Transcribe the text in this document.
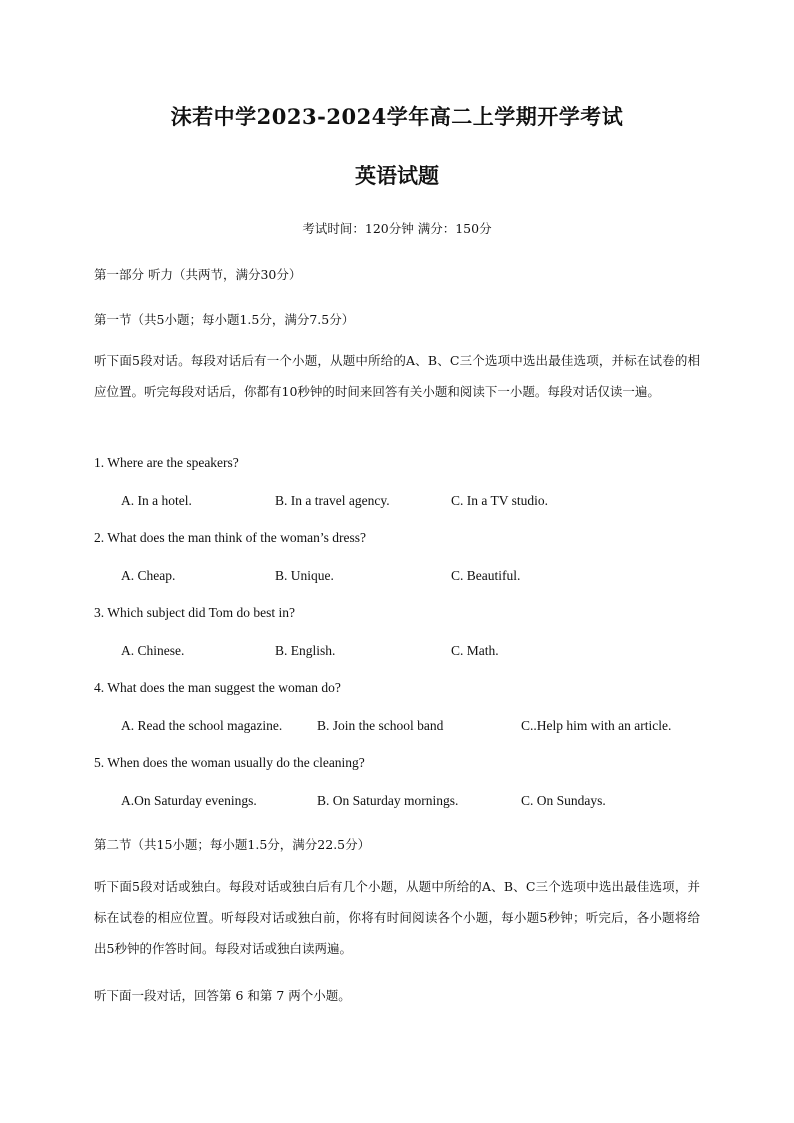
沫若中学2023-2024学年高二上学期开学考试
英语试题
考试时间：120分钟 满分：150分
第一部分 听力（共两节，满分30分）
第一节（共5小题；每小题1.5分，满分7.5分）
听下面5段对话。每段对话后有一个小题，从题中所给的A、B、C三个选项中选出最佳选项，并标在试卷的相应位置。听完每段对话后，你都有10秒钟的时间来回答有关小题和阅读下一小题。每段对话仅读一遍。
1. Where are the speakers?
A. In a hotel.	B. In a travel agency.	C. In a TV studio.
2. What does the man think of the woman’s dress?
A. Cheap.	B. Unique.	C. Beautiful.
3. Which subject did Tom do best in?
A. Chinese.	B. English.	C. Math.
4. What does the man suggest the woman do?
A. Read the school magazine.	B. Join the school band	C..Help him with an article.
5. When does the woman usually do the cleaning?
A.On Saturday evenings.	B. On Saturday mornings.	C. On Sundays.
第二节（共15小题；每小题1.5分，满分22.5分）
听下面5段对话或独白。每段对话或独白后有几个小题，从题中所给的A、B、C三个选项中选出最佳选项，并标在试卷的相应位置。听每段对话或独白前，你将有时间阅读各个小题，每小题5秒钟；听完后，各小题将给出5秒钟的作答时间。每段对话或独白读两遍。
听下面一段对话，回答第 6 和第 7 两个小题。
